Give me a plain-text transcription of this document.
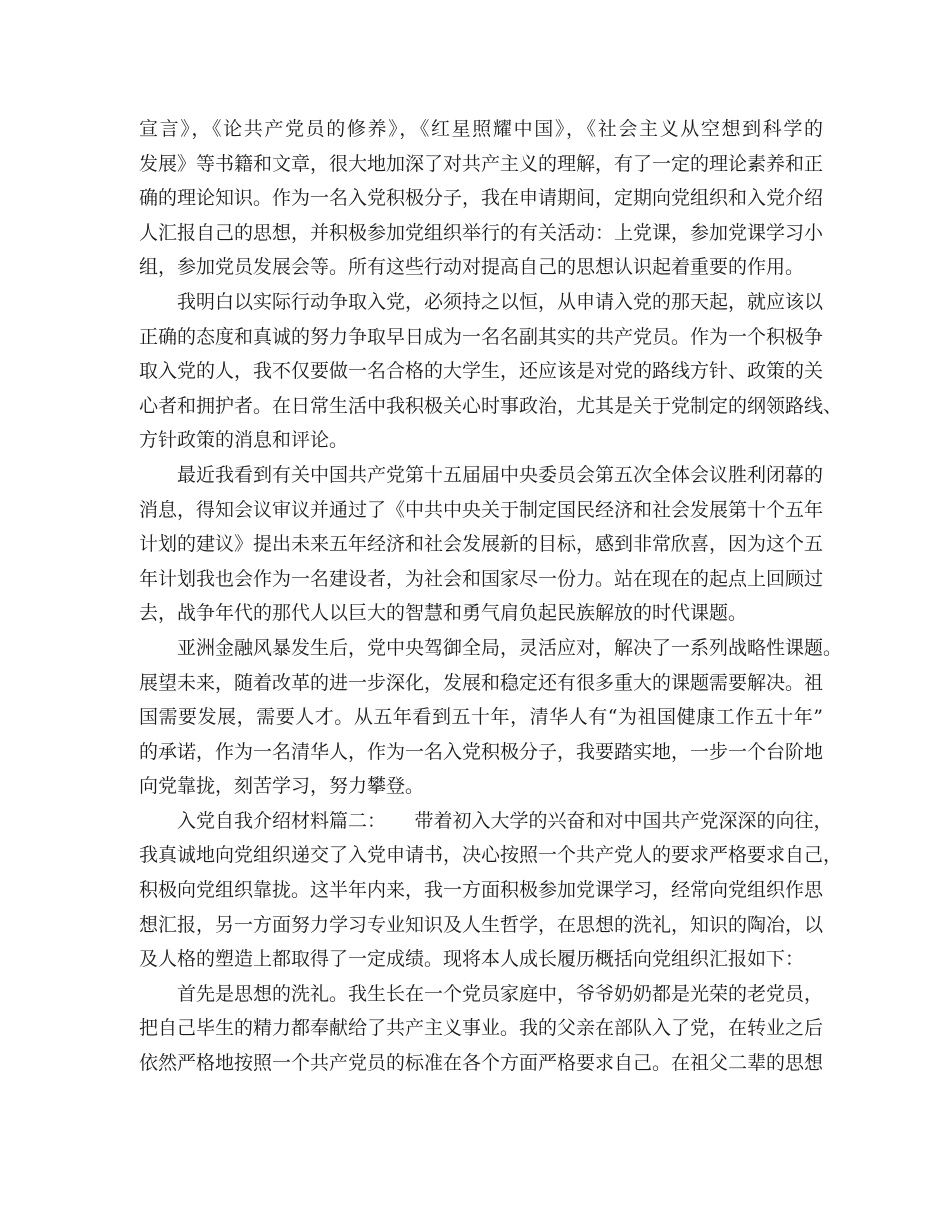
宣言》，《论共产党员的修养》，《红星照耀中国》，《社会主义从空想到科学的
发展》等书籍和文章，很大地加深了对共产主义的理解，有了一定的理论素养和正
确的理论知识。作为一名入党积极分子，我在申请期间，定期向党组织和入党介绍
人汇报自己的思想，并积极参加党组织举行的有关活动：上党课，参加党课学习小
组，参加党员发展会等。所有这些行动对提高自己的思想认识起着重要的作用。
我明白以实际行动争取入党，必须持之以恒，从申请入党的那天起，就应该以
正确的态度和真诚的努力争取早日成为一名名副其实的共产党员。作为一个积极争
取入党的人，我不仅要做一名合格的大学生，还应该是对党的路线方针、政策的关
心者和拥护者。在日常生活中我积极关心时事政治，尤其是关于党制定的纲领路线、
方针政策的消息和评论。
最近我看到有关中国共产党第十五届届中央委员会第五次全体会议胜利闭幕的
消息，得知会议审议并通过了《中共中央关于制定国民经济和社会发展第十个五年
计划的建议》提出未来五年经济和社会发展新的目标，感到非常欣喜，因为这个五
年计划我也会作为一名建设者，为社会和国家尽一份力。站在现在的起点上回顾过
去，战争年代的那代人以巨大的智慧和勇气肩负起民族解放的时代课题。
亚洲金融风暴发生后，党中央驾御全局，灵活应对，解决了一系列战略性课题。
展望未来，随着改革的进一步深化，发展和稳定还有很多重大的课题需要解决。祖
国需要发展，需要人才。从五年看到五十年，清华人有“为祖国健康工作五十年”
的承诺，作为一名清华人，作为一名入党积极分子，我要踏实地，一步一个台阶地
向党靠拢，刻苦学习，努力攀登。
入党自我介绍材料篇二：　　带着初入大学的兴奋和对中国共产党深深的向往，
我真诚地向党组织递交了入党申请书，决心按照一个共产党人的要求严格要求自己，
积极向党组织靠拢。这半年内来，我一方面积极参加党课学习，经常向党组织作思
想汇报，另一方面努力学习专业知识及人生哲学，在思想的洗礼，知识的陶冶，以
及人格的塑造上都取得了一定成绩。现将本人成长履历概括向党组织汇报如下：
首先是思想的洗礼。我生长在一个党员家庭中，爷爷奶奶都是光荣的老党员，
把自己毕生的精力都奉献给了共产主义事业。我的父亲在部队入了党，在转业之后
依然严格地按照一个共产党员的标准在各个方面严格要求自己。在祖父二辈的思想
